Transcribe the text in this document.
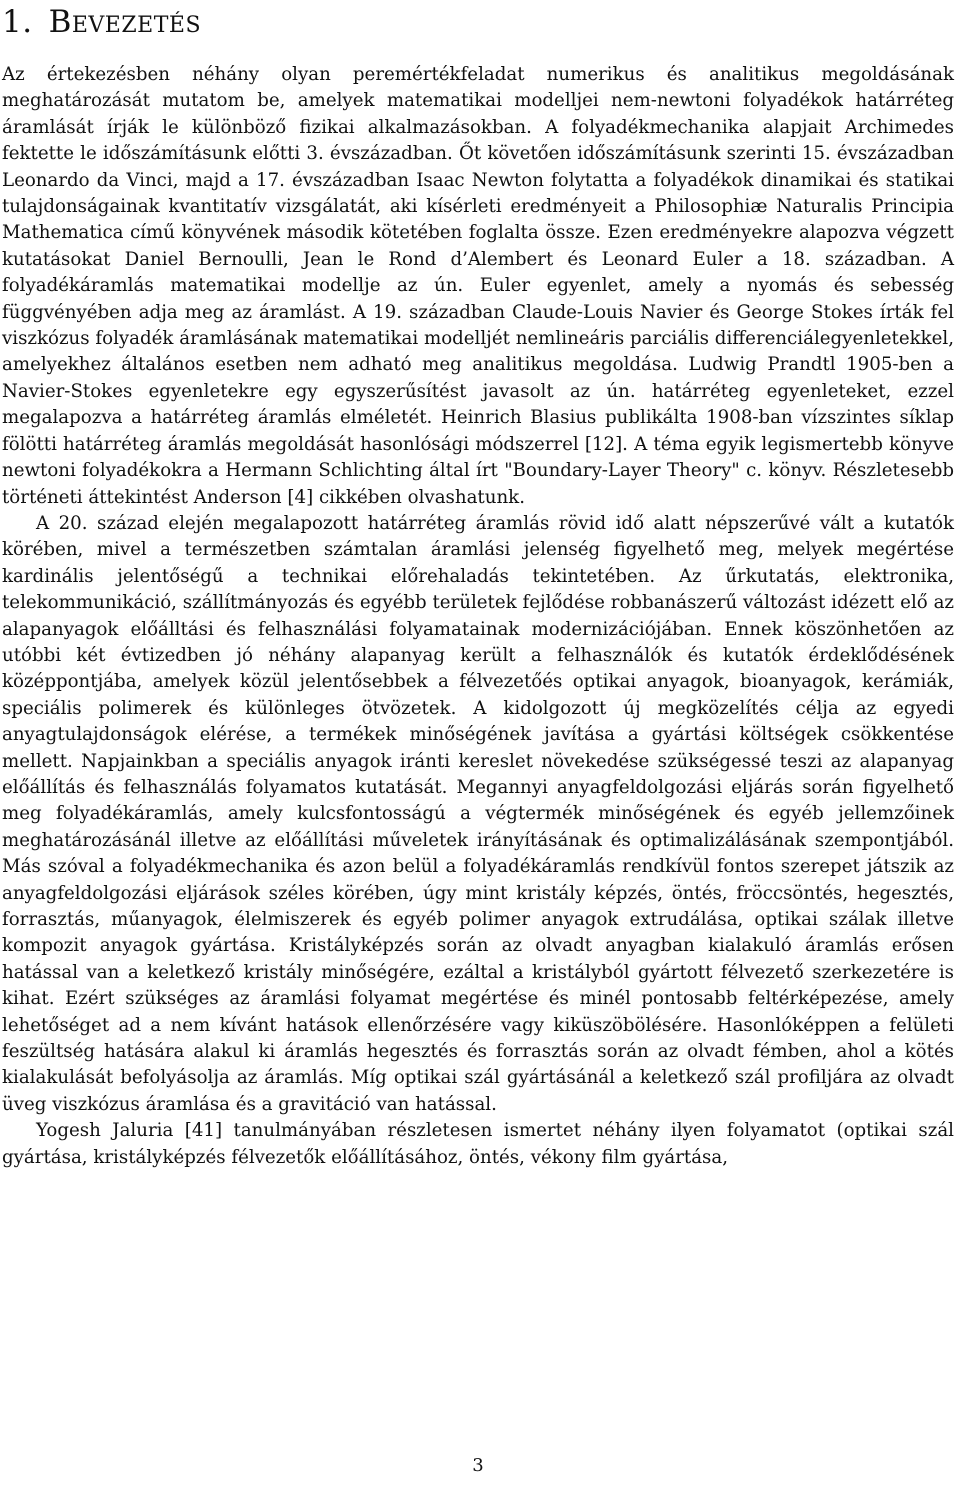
1. Bevezetés

Az értekezésben néhány olyan peremértékfeladat numerikus és analitikus megoldásának meghatározását mutatom be, amelyek matematikai modelljei nem-newtoni folyadékok határréteg áramlását írják le különböző fizikai alkalmazásokban. A folyadékmechanika alapjait Archimedes fektette le időszámításunk előtti 3. évszázadban. Őt követően időszámításunk szerinti 15. évszázadban Leonardo da Vinci, majd a 17. évszázadban Isaac Newton folytatta a folyadékok dinamikai és statikai tulajdonságainak kvantitatív vizsgálatát, aki kísérleti eredményeit a Philosophiæ Naturalis Principia Mathematica című könyvének második kötetében foglalta össze. Ezen eredményekre alapozva végzett kutatásokat Daniel Bernoulli, Jean le Rond d’Alembert és Leonard Euler a 18. században. A folyadékáramlás matematikai modellje az ún. Euler egyenlet, amely a nyomás és sebesség függvényében adja meg az áramlást. A 19. században Claude-Louis Navier és George Stokes írták fel viszkózus folyadék áramlásának matematikai modelljét nemlineáris parciális differenciálegyenletekkel, amelyekhez általános esetben nem adható meg analitikus megoldása. Ludwig Prandtl 1905-ben a Navier-Stokes egyenletekre egy egyszerűsítést javasolt az ún. határréteg egyenleteket, ezzel megalapozva a határréteg áramlás elméletét. Heinrich Blasius publikálta 1908-ban vízszintes síklap fölötti határréteg áramlás megoldását hasonlósági módszerrel [12]. A téma egyik legismertebb könyve newtoni folyadékokra a Hermann Schlichting által írt "Boundary-Layer Theory" c. könyv. Részletesebb történeti áttekintést Anderson [4] cikkében olvashatunk.

A 20. század elején megalapozott határréteg áramlás rövid idő alatt népszerűvé vált a kutatók körében, mivel a természetben számtalan áramlási jelenség figyelhető meg, melyek megértése kardinális jelentőségű a technikai előrehaladás tekintetében. Az űrkutatás, elektronika, telekommunikáció, szállítmányozás és egyébb területek fejlődése robbanászerű változást idézett elő az alapanyagok előálltási és felhasználási folyamatainak modernizációjában. Ennek köszönhetően az utóbbi két évtizedben jó néhány alapanyag került a felhasználók és kutatók érdeklődésének középpontjába, amelyek közül jelentősebbek a félvezetőés optikai anyagok, bioanyagok, kerámiák, speciális polimerek és különleges ötvözetek. A kidolgozott új megközelítés célja az egyedi anyagtulajdonságok elérése, a termékek minőségének javítása a gyártási költségek csökkentése mellett. Napjainkban a speciális anyagok iránti kereslet növekedése szükségessé teszi az alapanyag előállítás és felhasználás folyamatos kutatását. Megannyi anyagfeldolgozási eljárás során figyelhető meg folyadékáramlás, amely kulcsfontosságú a végtermék minőségének és egyéb jellemzőinek meghatározásánál illetve az előállítási műveletek irányításának és optimalizálásának szempontjából. Más szóval a folyadékmechanika és azon belül a folyadékáramlás rendkívül fontos szerepet játszik az anyagfeldolgozási eljárások széles körében, úgy mint kristály képzés, öntés, fröccsöntés, hegesztés, forrasztás, műanyagok, élelmiszerek és egyéb polimer anyagok extrudálása, optikai szálak illetve kompozit anyagok gyártása. Kristályképzés során az olvadt anyagban kialakuló áramlás erősen hatással van a keletkező kristály minőségére, ezáltal a kristályból gyártott félvezető szerkezetére is kihat. Ezért szükséges az áramlási folyamat megértése és minél pontosabb feltérképezése, amely lehetőséget ad a nem kívánt hatások ellenőrzésére vagy kiküszöbölésére. Hasonlóképpen a felületi feszültség hatására alakul ki áramlás hegesztés és forrasztás során az olvadt fémben, ahol a kötés kialakulását befolyásolja az áramlás. Míg optikai szál gyártásánál a keletkező szál profiljára az olvadt üveg viszkózus áramlása és a gravitáció van hatással.

Yogesh Jaluria [41] tanulmányában részletesen ismertet néhány ilyen folyamatot (optikai szál gyártása, kristályképzés félvezetők előállításához, öntés, vékony film gyártása,

3
